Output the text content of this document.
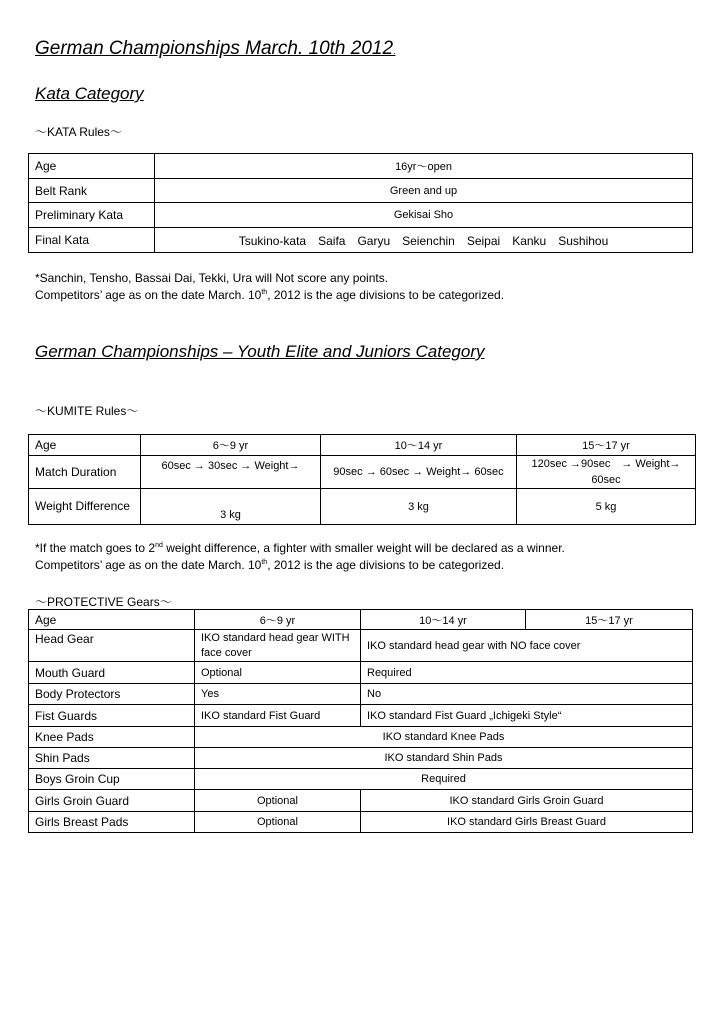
German Championships March. 10th 2012.
Kata Category
～KATA Rules～
Age	16yr～open
Belt Rank	Green and up
Preliminary Kata	Gekisai Sho
Final Kata	Tsukino-kata　Saifa　Garyu　Seienchin　Seipai　Kanku　Sushihou
*Sanchin, Tensho, Bassai Dai, Tekki, Ura will Not score any points.
Competitors’ age as on the date March. 10th, 2012 is the age divisions to be categorized.
German Championships – Youth Elite and Juniors Category
～KUMITE Rules～
Age	6～9 yr	10～14 yr	15～17 yr
Match Duration	60sec → 30sec → Weight→	90sec → 60sec → Weight→ 60sec	120sec →90sec　→ Weight→ 60sec
Weight Difference	3 kg	3 kg	5 kg
*If the match goes to 2nd weight difference, a fighter with smaller weight will be declared as a winner.
Competitors’ age as on the date March. 10th, 2012 is the age divisions to be categorized.
～PROTECTIVE Gears～
Age	6～9 yr	10～14 yr	15～17 yr
Head Gear	IKO standard head gear WITH face cover	IKO standard head gear with NO face cover	
Mouth Guard	Optional	Required	
Body Protectors	Yes	No	
Fist Guards	IKO standard Fist Guard	IKO standard Fist Guard „Ichigeki Style“	
Knee Pads	IKO standard Knee Pads		
Shin Pads	IKO standard Shin Pads		
Boys Groin Cup	Required		
Girls Groin Guard	Optional	IKO standard Girls Groin Guard	
Girls Breast Pads	Optional	IKO standard Girls Breast Guard	
